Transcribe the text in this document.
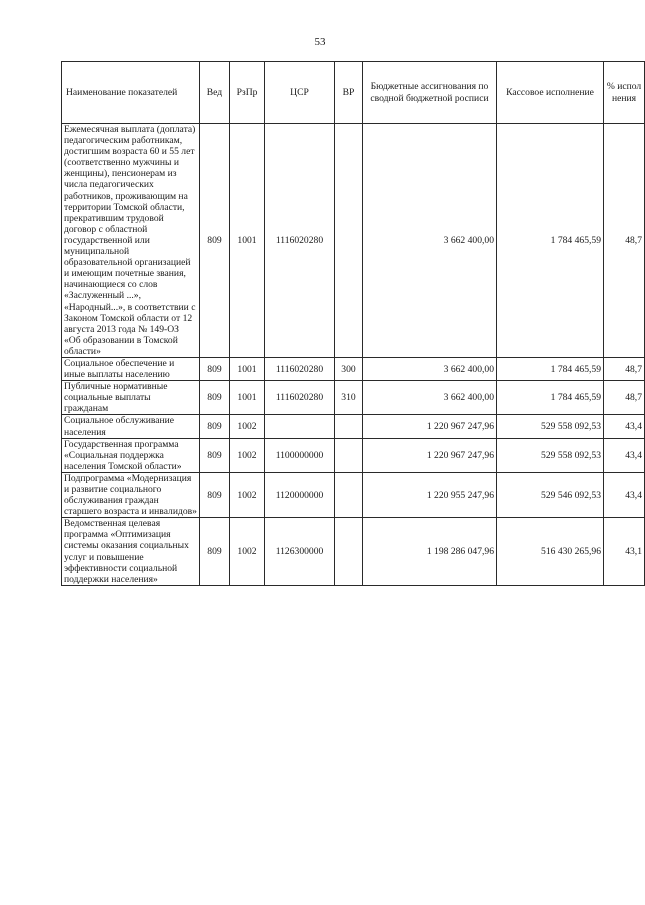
53
Наименование показателей	Вед	РзПр	ЦСР	ВР	Бюджетные ассигнования по сводной бюджетной росписи	Кассовое исполнение	% испол нения
Ежемесячная выплата (доплата) педагогическим работникам, достигшим возраста 60 и 55 лет (соответственно мужчины и женщины), пенсионерам из числа педагогических работников, проживающим на территории Томской области, прекратившим трудовой договор с областной государственной или муниципальной образовательной организацией и имеющим почетные звания, начинающиеся со слов «Заслуженный ...», «Народный...», в соответствии с Законом Томской области от 12 августа 2013 года № 149-ОЗ «Об образовании в Томской области»	809	1001	1116020280		3 662 400,00	1 784 465,59	48,7
Социальное обеспечение и иные выплаты населению	809	1001	1116020280	300	3 662 400,00	1 784 465,59	48,7
Публичные нормативные социальные выплаты гражданам	809	1001	1116020280	310	3 662 400,00	1 784 465,59	48,7
Социальное обслуживание населения	809	1002			1 220 967 247,96	529 558 092,53	43,4
Государственная программа «Социальная поддержка населения Томской области»	809	1002	1100000000		1 220 967 247,96	529 558 092,53	43,4
Подпрограмма «Модернизация и развитие социального обслуживания граждан старшего возраста и инвалидов»	809	1002	1120000000		1 220 955 247,96	529 546 092,53	43,4
Ведомственная целевая программа «Оптимизация системы оказания социальных услуг и повышение эффективности социальной поддержки населения»	809	1002	1126300000		1 198 286 047,96	516 430 265,96	43,1
